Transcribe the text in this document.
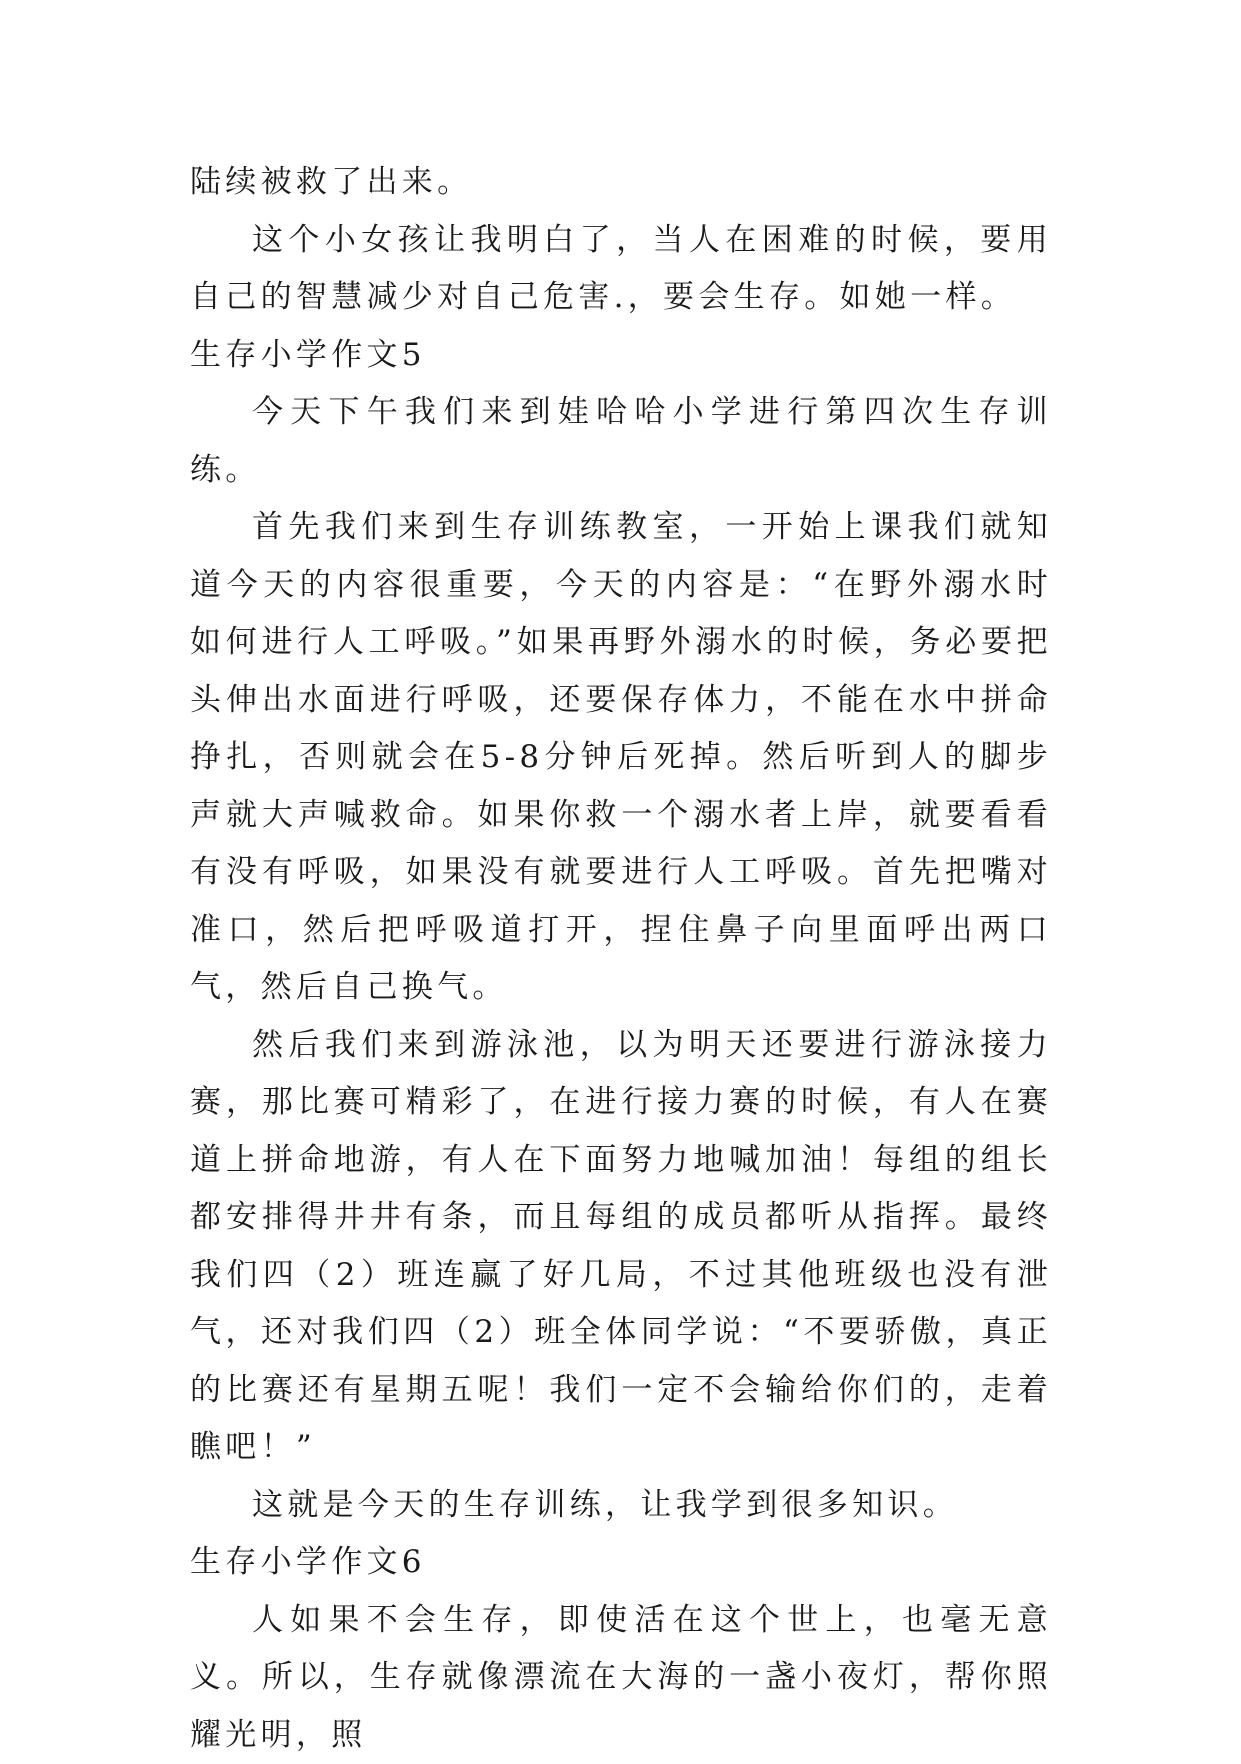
陆续被救了出来。

这个小女孩让我明白了，当人在困难的时候，要用自己的智慧减少对自己危害.，要会生存。如她一样。

生存小学作文5

今天下午我们来到娃哈哈小学进行第四次生存训练。

首先我们来到生存训练教室，一开始上课我们就知道今天的内容很重要，今天的内容是：“在野外溺水时如何进行人工呼吸。”如果再野外溺水的时候，务必要把头伸出水面进行呼吸，还要保存体力，不能在水中拼命挣扎，否则就会在5-8分钟后死掉。然后听到人的脚步声就大声喊救命。如果你救一个溺水者上岸，就要看看有没有呼吸，如果没有就要进行人工呼吸。首先把嘴对准口，然后把呼吸道打开，捏住鼻子向里面呼出两口气，然后自己换气。

然后我们来到游泳池，以为明天还要进行游泳接力赛，那比赛可精彩了，在进行接力赛的时候，有人在赛道上拼命地游，有人在下面努力地喊加油！每组的组长都安排得井井有条，而且每组的成员都听从指挥。最终我们四（2）班连赢了好几局，不过其他班级也没有泄气，还对我们四（2）班全体同学说：“不要骄傲，真正的比赛还有星期五呢！我们一定不会输给你们的，走着瞧吧！”

这就是今天的生存训练，让我学到很多知识。

生存小学作文6

人如果不会生存，即使活在这个世上，也毫无意义。所以，生存就像漂流在大海的一盏小夜灯，帮你照耀光明，照
